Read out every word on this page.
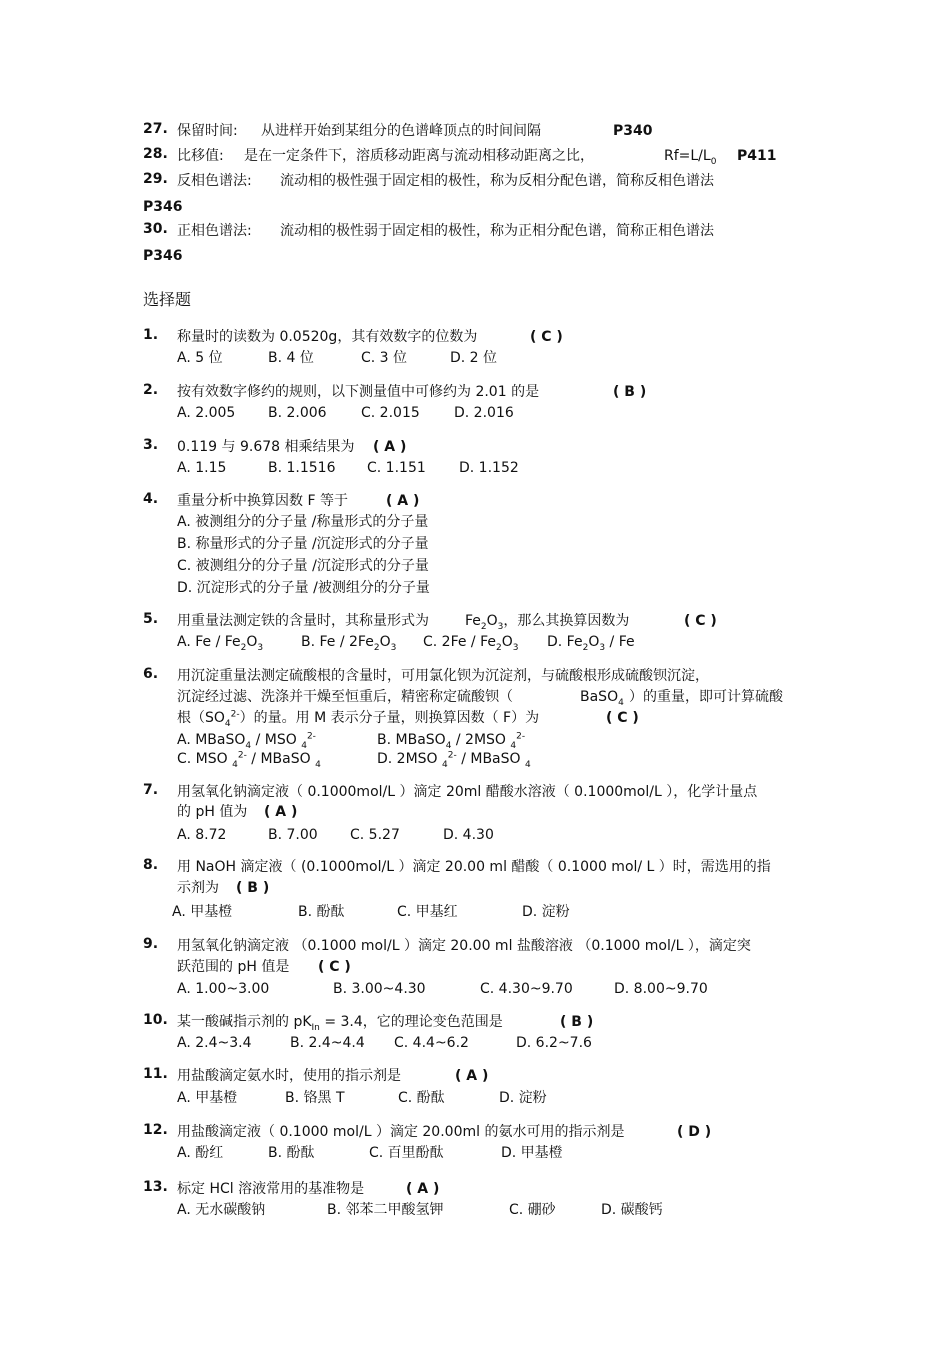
27. 保留时间: 从进样开始到某组分的色谱峰顶点的时间间隔	P340
28. 比移值: 是在一定条件下，溶质移动距离与流动相移动距离之比，	$Rf=L/L_0$ P411
29. 反相色谱法: 流动相的极性强于固定相的极性，称为反相分配色谱，简称反相色谱法
P346
30. 正相色谱法: 流动相的极性弱于固定相的极性，称为正相分配色谱，简称正相色谱法
P346
选择题
1. 称量时的读数为 0.0520g，其有效数字的位数为	( C )
A. 5 位	B. 4 位	C. 3 位	D. 2 位
2. 按有效数字修约的规则，以下测量值中可修约为 2.01 的是	( B )
A. 2.005 B. 2.006 C. 2.015 D. 2.016
3. 0.119 与 9.678 相乘结果为 ( A )
A. 1.15	B. 1.1516 C. 1.151 D. 1.152
4. 重量分析中换算因数 F 等于	( A )
A. 被测组分的分子量 /称量形式的分子量
B. 称量形式的分子量 /沉淀形式的分子量
C. 被测组分的分子量 /沉淀形式的分子量
D. 沉淀形式的分子量 /被测组分的分子量
5. 用重量法测定铁的含量时，其称量形式为	$Fe_2O_3$，那么其换算因数为	( C )
A. Fe / $Fe_2O_3$	B. Fe / $2Fe_2O_3$ C. $2Fe / Fe_2O_3$ D. $Fe_2O_3$ / Fe
6. 用沉淀重量法测定硫酸根的含量时，可用氯化钡为沉淀剂，与硫酸根形成硫酸钡沉淀，
沉淀经过滤、洗涤并干燥至恒重后，精密称定硫酸钡（	BaSO$_4$ ）的重量，即可计算硫酸
根$(SO_4^{2-})$的量。用 M 表示分子量，则换算因数（ F）为	( C )
A. MBaSO$_4$ / MSO $_4^{2-}$	B. MBaSO$_4$ / 2MSO $_4^{2-}$
C. MSO $_4^{2-}$ / MBaSO $_4$	D. 2MSO $_4^{2-}$ / MBaSO $_4$
7. 用氢氧化钠滴定液（ 0.1000mol/L ）滴定 20ml 醋酸水溶液（ 0.1000mol/L ），化学计量点
的 pH 值为 ( A )
A. 8.72	B. 7.00 C. 5.27	D. 4.30
8. 用 NaOH 滴定液（ (0.1000mol/L ）滴定 20.00 ml 醋酸（ 0.1000 mol/ L ）时，需选用的指
示剂为 ( B )
A. 甲基橙	B. 酚酞	C. 甲基红	D. 淀粉
9. 用氢氧化钠滴定液 （0.1000 mol/L ）滴定 20.00 ml 盐酸溶液 （0.1000 mol/L ），滴定突
跃范围的 pH 值是 ( C )
A. 1.00~3.00	B. 3.00~4.30	C. 4.30~9.70	D. 8.00~9.70
10. 某一酸碱指示剂的 $pK_{In} = 3.4$，它的理论变色范围是	( B )
A. 2.4~3.4	B. 2.4~4.4 C. 4.4~6.2	D. 6.2~7.6
11. 用盐酸滴定氨水时，使用的指示剂是	( A )
A. 甲基橙	B. 铬黑 T	C. 酚酞	D. 淀粉
12. 用盐酸滴定液（ 0.1000 mol/L ）滴定 20.00ml 的氨水可用的指示剂是	( D )
A. 酚红	B. 酚酞	C. 百里酚酞	D. 甲基橙
13. 标定 HCl 溶液常用的基准物是	( A )
A. 无水碳酸钠	B. 邻苯二甲酸氢钾	C. 硼砂	D. 碳酸钙
